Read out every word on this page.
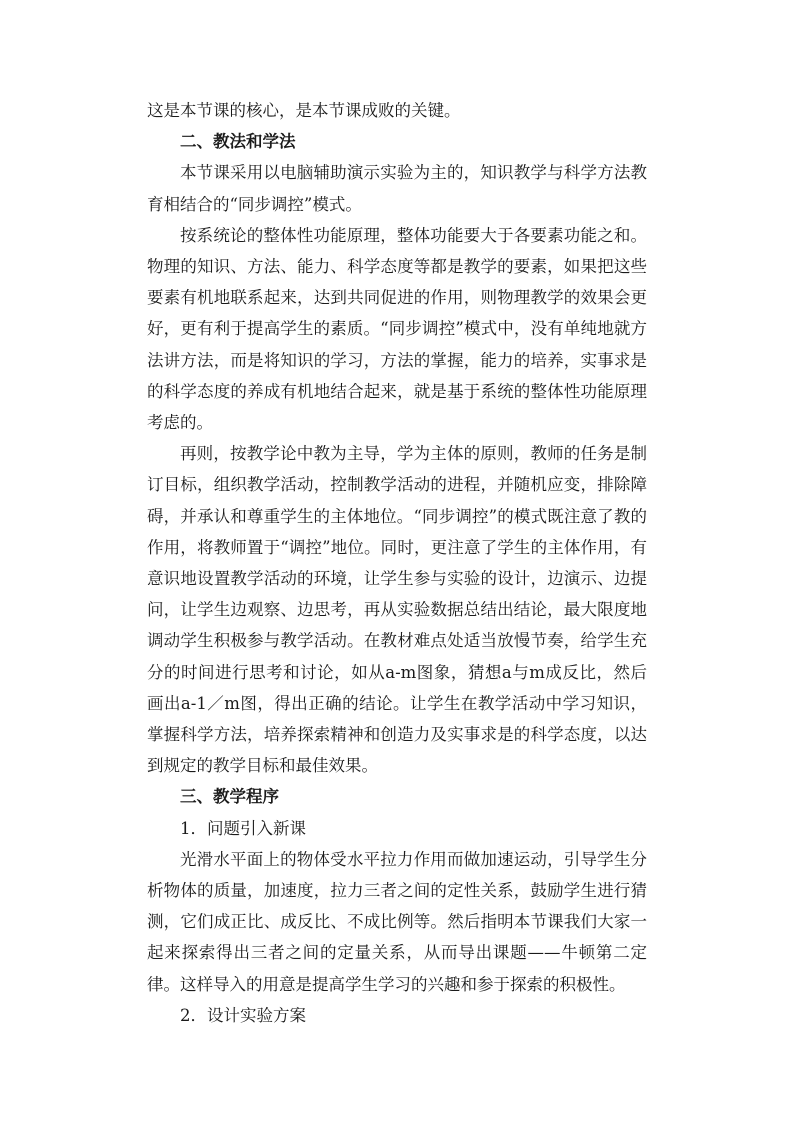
这是本节课的核心，是本节课成败的关键。

二、教法和学法

本节课采用以电脑辅助演示实验为主的，知识教学与科学方法教育相结合的“同步调控”模式。

按系统论的整体性功能原理，整体功能要大于各要素功能之和。物理的知识、方法、能力、科学态度等都是教学的要素，如果把这些要素有机地联系起来，达到共同促进的作用，则物理教学的效果会更好，更有利于提高学生的素质。“同步调控”模式中，没有单纯地就方法讲方法，而是将知识的学习，方法的掌握，能力的培养，实事求是的科学态度的养成有机地结合起来，就是基于系统的整体性功能原理考虑的。

再则，按教学论中教为主导，学为主体的原则，教师的任务是制订目标，组织教学活动，控制教学活动的进程，并随机应变，排除障碍，并承认和尊重学生的主体地位。“同步调控”的模式既注意了教的作用，将教师置于“调控”地位。同时，更注意了学生的主体作用，有意识地设置教学活动的环境，让学生参与实验的设计，边演示、边提问，让学生边观察、边思考，再从实验数据总结出结论，最大限度地调动学生积极参与教学活动。在教材难点处适当放慢节奏，给学生充分的时间进行思考和讨论，如从a-m图象，猜想a与m成反比，然后画出a-1／m图，得出正确的结论。让学生在教学活动中学习知识，掌握科学方法，培养探索精神和创造力及实事求是的科学态度，以达到规定的教学目标和最佳效果。

三、教学程序

1．问题引入新课

光滑水平面上的物体受水平拉力作用而做加速运动，引导学生分析物体的质量，加速度，拉力三者之间的定性关系，鼓励学生进行猜测，它们成正比、成反比、不成比例等。然后指明本节课我们大家一起来探索得出三者之间的定量关系，从而导出课题——牛顿第二定律。这样导入的用意是提高学生学习的兴趣和参于探索的积极性。

2．设计实验方案
